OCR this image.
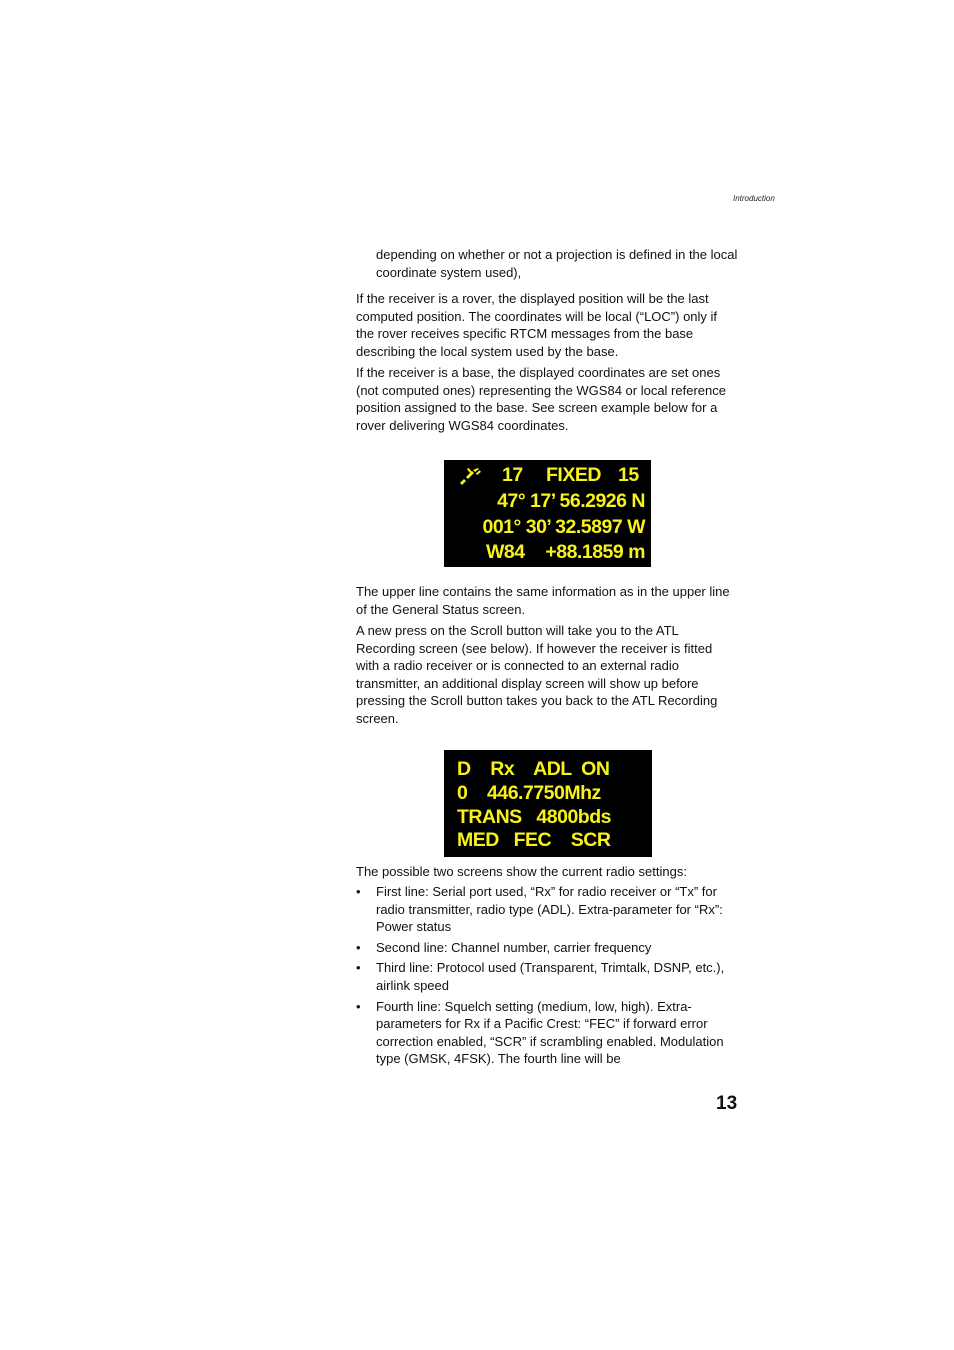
Introduction

depending on whether or not a projection is defined in the local coordinate system used),

If the receiver is a rover, the displayed position will be the last computed position. The coordinates will be local (“LOC”) only if the rover receives specific RTCM messages from the base describing the local system used by the base.

If the receiver is a base, the displayed coordinates are set ones (not computed ones) representing the WGS84 or local reference position assigned to the base. See screen example below for a rover delivering WGS84 coordinates.

17 FIXED 15
47° 17’ 56.2926 N
001° 30’ 32.5897 W
W84 +88.1859 m

The upper line contains the same information as in the upper line of the General Status screen.

A new press on the Scroll button will take you to the ATL Recording screen (see below). If however the receiver is fitted with a radio receiver or is connected to an external radio transmitter, an additional display screen will show up before pressing the Scroll button takes you back to the ATL Recording screen.

D    Rx    ADL  ON
0    446.7750Mhz
TRANS   4800bds
MED   FEC    SCR

The possible two screens show the current radio settings:

• First line: Serial port used, “Rx” for radio receiver or “Tx” for radio transmitter, radio type (ADL). Extra-parameter for “Rx”: Power status
• Second line: Channel number, carrier frequency
• Third line: Protocol used (Transparent, Trimtalk, DSNP, etc.), airlink speed
• Fourth line: Squelch setting (medium, low, high). Extra-parameters for Rx if a Pacific Crest: “FEC” if forward error correction enabled, “SCR” if scrambling enabled. Modulation type (GMSK, 4FSK). The fourth line will be
13
